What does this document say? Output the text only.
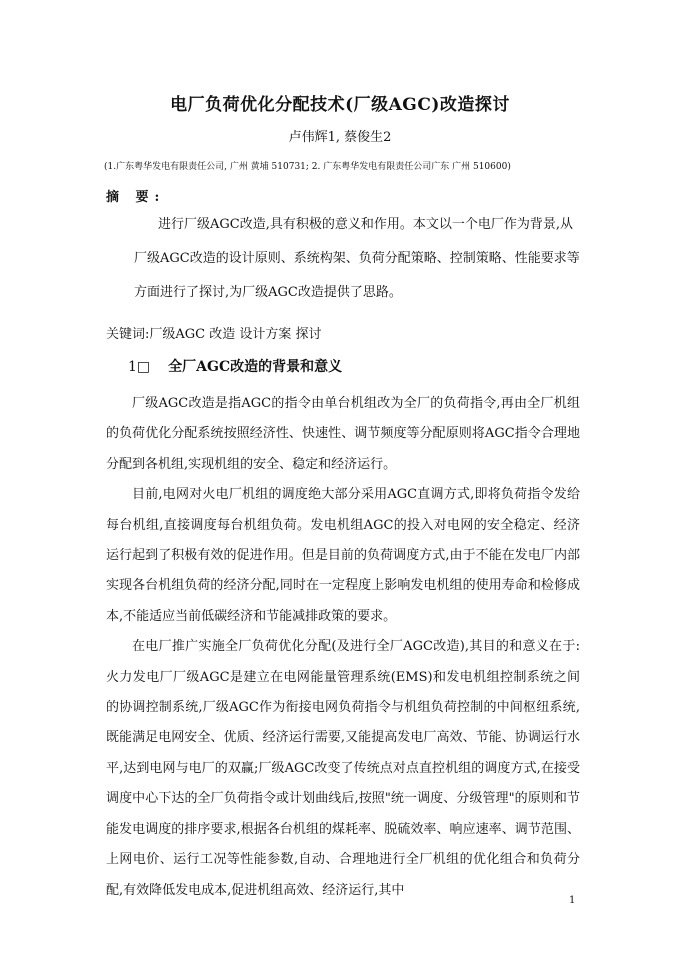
电厂负荷优化分配技术(厂级AGC)改造探讨
卢伟辉1, 蔡俊生2
(1.广东粤华发电有限责任公司, 广州 黄埔 510731; 2. 广东粤华发电有限责任公司广东 广州 510600)
摘 要:
进行厂级AGC改造,具有积极的意义和作用。本文以一个电厂作为背景,从厂级AGC改造的设计原则、系统构架、负荷分配策略、控制策略、性能要求等方面进行了探讨,为厂级AGC改造提供了思路。
关键词:厂级AGC 改造 设计方案 探讨
1□ 全厂AGC改造的背景和意义

厂级AGC改造是指AGC的指令由单台机组改为全厂的负荷指令,再由全厂机组的负荷优化分配系统按照经济性、快速性、调节频度等分配原则将AGC指令合理地分配到各机组,实现机组的安全、稳定和经济运行。

目前,电网对火电厂机组的调度绝大部分采用AGC直调方式,即将负荷指令发给每台机组,直接调度每台机组负荷。发电机组AGC的投入对电网的安全稳定、经济运行起到了积极有效的促进作用。但是目前的负荷调度方式,由于不能在发电厂内部实现各台机组负荷的经济分配,同时在一定程度上影响发电机组的使用寿命和检修成本,不能适应当前低碳经济和节能减排政策的要求。

在电厂推广实施全厂负荷优化分配(及进行全厂AGC改造),其目的和意义在于:火力发电厂厂级AGC是建立在电网能量管理系统(EMS)和发电机组控制系统之间的协调控制系统,厂级AGC作为衔接电网负荷指令与机组负荷控制的中间枢纽系统,既能满足电网安全、优质、经济运行需要,又能提高发电厂高效、节能、协调运行水平,达到电网与电厂的双赢;厂级AGC改变了传统点对点直控机组的调度方式,在接受调度中心下达的全厂负荷指令或计划曲线后,按照"统一调度、分级管理"的原则和节能发电调度的排序要求,根据各台机组的煤耗率、脱硫效率、响应速率、调节范围、上网电价、运行工况等性能参数,自动、合理地进行全厂机组的优化组合和负荷分配,有效降低发电成本,促进机组高效、经济运行,其中

1
